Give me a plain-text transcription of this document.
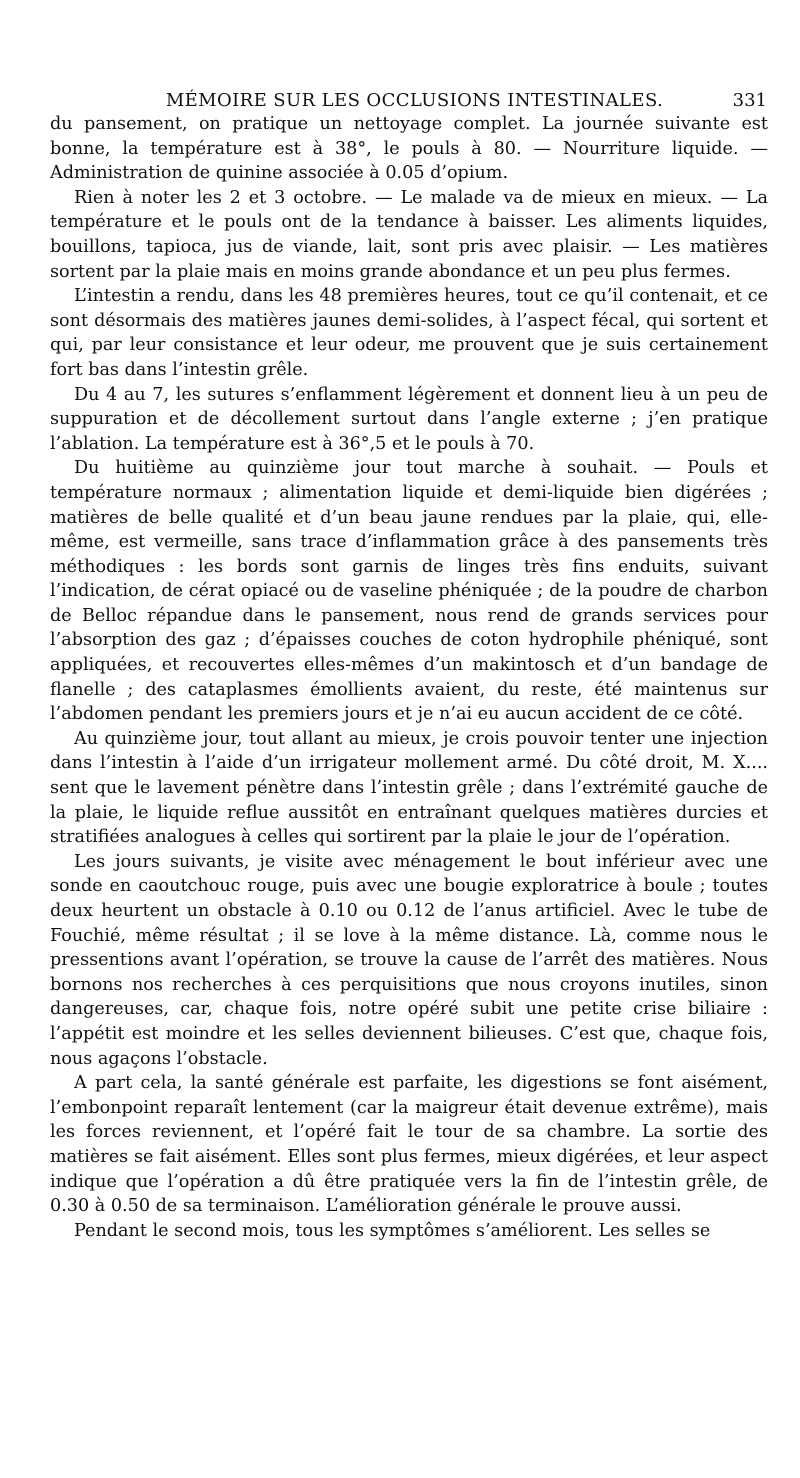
MÉMOIRE SUR LES OCCLUSIONS INTESTINALES.	331

du pansement, on pratique un nettoyage complet. La journée suivante est bonne, la température est à 38°, le pouls à 80. — Nourriture liquide. — Administration de quinine associée à 0.05 d’opium.

Rien à noter les 2 et 3 octobre. — Le malade va de mieux en mieux. — La température et le pouls ont de la tendance à baisser. Les aliments liquides, bouillons, tapioca, jus de viande, lait, sont pris avec plaisir. — Les matières sortent par la plaie mais en moins grande abondance et un peu plus fermes.

L’intestin a rendu, dans les 48 premières heures, tout ce qu’il contenait, et ce sont désormais des matières jaunes demi-solides, à l’aspect fécal, qui sortent et qui, par leur consistance et leur odeur, me prouvent que je suis certainement fort bas dans l’intestin grêle.

Du 4 au 7, les sutures s’enflamment légèrement et donnent lieu à un peu de suppuration et de décollement surtout dans l’angle externe ; j’en pratique l’ablation. La température est à 36°,5 et le pouls à 70.

Du huitième au quinzième jour tout marche à souhait. — Pouls et température normaux ; alimentation liquide et demi-liquide bien digérées ; matières de belle qualité et d’un beau jaune rendues par la plaie, qui, elle-même, est vermeille, sans trace d’inflammation grâce à des pansements très méthodiques : les bords sont garnis de linges très fins enduits, suivant l’indication, de cérat opiacé ou de vaseline phéniquée ; de la poudre de charbon de Belloc répandue dans le pansement, nous rend de grands services pour l’absorption des gaz ; d’épaisses couches de coton hydrophile phéniqué, sont appliquées, et recouvertes elles-mêmes d’un makintosch et d’un bandage de flanelle ; des cataplasmes émollients avaient, du reste, été maintenus sur l’abdomen pendant les premiers jours et je n’ai eu aucun accident de ce côté.

Au quinzième jour, tout allant au mieux, je crois pouvoir tenter une injection dans l’intestin à l’aide d’un irrigateur mollement armé. Du côté droit, M. X.... sent que le lavement pénètre dans l’intestin grêle ; dans l’extrémité gauche de la plaie, le liquide reflue aussitôt en entraînant quelques matières durcies et stratifiées analogues à celles qui sortirent par la plaie le jour de l’opération.

Les jours suivants, je visite avec ménagement le bout inférieur avec une sonde en caoutchouc rouge, puis avec une bougie exploratrice à boule ; toutes deux heurtent un obstacle à 0.10 ou 0.12 de l’anus artificiel. Avec le tube de Fouchié, même résultat ; il se love à la même distance. Là, comme nous le pressentions avant l’opération, se trouve la cause de l’arrêt des matières. Nous bornons nos recherches à ces perquisitions que nous croyons inutiles, sinon dangereuses, car, chaque fois, notre opéré subit une petite crise biliaire : l’appétit est moindre et les selles deviennent bilieuses. C’est que, chaque fois, nous agaçons l’obstacle.

A part cela, la santé générale est parfaite, les digestions se font aisément, l’embonpoint reparaît lentement (car la maigreur était devenue extrême), mais les forces reviennent, et l’opéré fait le tour de sa chambre. La sortie des matières se fait aisément. Elles sont plus fermes, mieux digérées, et leur aspect indique que l’opération a dû être pratiquée vers la fin de l’intestin grêle, de 0.30 à 0.50 de sa terminaison. L’amélioration générale le prouve aussi.

Pendant le second mois, tous les symptômes s’améliorent. Les selles se
